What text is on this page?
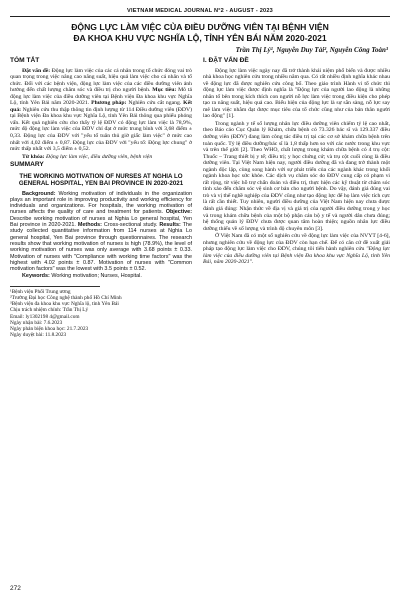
VIETNAM MEDICAL JOURNAL N°2 - AUGUST - 2023
ĐỘNG LỰC LÀM VIỆC CỦA ĐIỀU DƯỠNG VIÊN TẠI BỆNH VIỆN
ĐA KHOA KHU VỰC NGHĨA LỘ, TỈNH YÊN BÁI NĂM 2020-2021
Trần Thị Lý¹, Nguyễn Duy Tài², Nguyễn Công Toàn³
TÓM TẮT

Đặt vấn đề: Động lực làm việc của các cá nhân trong tổ chức đóng vai trò quan trọng trong việc nâng cao năng suất, hiệu quả làm việc cho cá nhân và tổ chức. Đối với các bệnh viện, động lực làm việc của các điều dưỡng viên ảnh hưởng đến chất lượng chăm sóc và điều trị cho người bệnh. Mục tiêu: Mô tả động lực làm việc của điều dưỡng viên tại Bệnh viện Đa khoa khu vực Nghĩa Lộ, tỉnh Yên Bái năm 2020-2021. Phương pháp: Nghiên cứu cắt ngang. Kết quả: Nghiên cứu thu thập thông tin định lượng từ 114 Điều dưỡng viên (ĐDV) tại Bệnh viện Đa khoa khu vực Nghĩa Lộ, tỉnh Yên Bái thông qua phiếu phỏng vấn. Kết quả nghiên cứu cho thấy tỷ lệ ĐDV có động lực làm việc là 78,9%, mức độ động lực làm việc của ĐDV chỉ đạt ở mức trung bình với 3,68 điểm ± 0,33. Động lực của ĐDV với "yếu tố tuân thủ giờ giấc làm việc" ở mức cao nhất với 4,02 điểm ± 0,87. Động lực của ĐDV với "yếu tố: Động lực chung" ở mức thấp nhất với 3,5 điểm ± 0,52.

Từ khóa: Động lực làm việc, điều dưỡng viên, bệnh viện

SUMMARY
THE WORKING MOTIVATION OF NURSES AT NGHIA LO GENERAL HOSPITAL, YEN BAI PROVINCE IN 2020-2021

Background: Working motivation of individuals in the organization plays an important role in improving productivity and working efficiency for individuals and organizations. For hospitals, the working motivation of nurses affects the quality of care and treatment for patients. Objective: Describe working motivation of nurses at Nghia Lo general hospital, Yen Bai province in 2020-2021. Methods: Cross-sectional study. Results: The study collected quantitative information from 114 nurses at Nghia Lo general hospital, Yen Bai province through questionnaires. The research results show that working motivation of nurses is high (78.9%), the level of working motivation of nurses was only average with 3.68 points ± 0.33. Motivation of nurses with "Compliance with working time factors" was the highest with 4.02 points ± 0.87. Motivation of nurses with "Common motivation factors" was the lowest with 3.5 points ± 0.52.

Keywords: Working motivation; Nurses, Hospital.

¹Bệnh viện Phổi Trung ương
²Trường Đại học Công nghệ thành phố Hồ Chí Minh
³Bệnh viện đa khoa khu vực Nghĩa lộ, tỉnh Yên Bái
Chịu trách nhiệm chính: Trần Thị Lý
Email: ly1302198 4@gmail.com
Ngày nhận bài: 7.6.2023
Ngày phản biện khoa học: 21.7.2023
Ngày duyệt bài: 11.8.2023
I. ĐẶT VẤN ĐỀ

Động lực làm việc ngày nay đã trở thành khái niệm phổ biến và được nhiều nhà khoa học nghiên cứu trong nhiều năm qua. Có rất nhiều định nghĩa khác nhau về động lực đã được nghiên cứu công bố. Theo giáo trình Hành vi tổ chức thì động lực làm việc được định nghĩa là "Động lực của người lao động là những nhân tố bên trong kích thích con người nỗ lực làm việc trong điều kiện cho phép tạo ra năng suất, hiệu quả cao. Biểu hiện của động lực là sự sẵn sàng, nỗ lực say mê làm việc nhằm đạt được mục tiêu của tổ chức cũng như của bản thân người lao động" [1].

Trong ngành y tế số lượng nhân lực điều dưỡng viên chiếm tỷ lệ cao nhất, theo Báo cáo Cục Quản lý Khám, chữa bệnh có 73.326 bác sĩ và 129.337 điều dưỡng viên (ĐDV) đang làm công tác điều trị tại các cơ sở khám chữa bệnh trên toàn quốc. Tỷ lệ điều dưỡng/bác sĩ là 1,8 thấp hơn so với các nước trong khu vực và trên thế giới [2]. Theo WHO, chất lượng trong khám chữa bệnh có 4 trụ cột: Thuốc – Trang thiết bị y tế; điều trị; y học chứng cứ; và trụ cột cuối cùng là điều dưỡng viên. Tại Việt Nam hiện nay, người điều dưỡng đã và đang trở thành một ngành độc lập, cùng song hành với sự phát triển của các ngành khác trong khối ngành khoa học sức khỏe. Các dịch vụ chăm sóc do ĐDV cung cấp có phạm vi rất rộng, từ việc hỗ trợ chẩn đoán và điều trị, thực hiện các kỹ thuật từ chăm sóc tinh xảo đến chăm sóc vệ sinh cơ bản cho người bệnh. Do vậy, đánh giá đúng vai trò và vị thế nghề nghiệp của ĐDV cũng như tạo động lực để họ làm việc tích cực là rất cần thiết. Tuy nhiên, người điều dưỡng của Việt Nam hiện nay chưa được đánh giá đúng: Nhận thức về địa vị và giá trị của người điều dưỡng trong y học và trong khám chữa bệnh của một bộ phận cán bộ y tế và người dân chưa đúng; hệ thống quản lý ĐDV chưa được quan tâm hoàn thiện; nguồn nhân lực điều dưỡng thiếu về số lượng và trình độ chuyên môn [3].

Ở Việt Nam đã có một số nghiên cứu về động lực làm việc của NVYT [4-6], nhưng nghiên cứu về động lực của ĐDV còn hạn chế. Để có căn cứ đề xuất giải pháp tạo động lực làm việc cho ĐDV, chúng tôi tiến hành nghiên cứu "Động lực làm việc của điều dưỡng viên tại Bệnh viện Đa khoa khu vực Nghĩa Lộ, tỉnh Yên Bái, năm 2020-2021".

272
